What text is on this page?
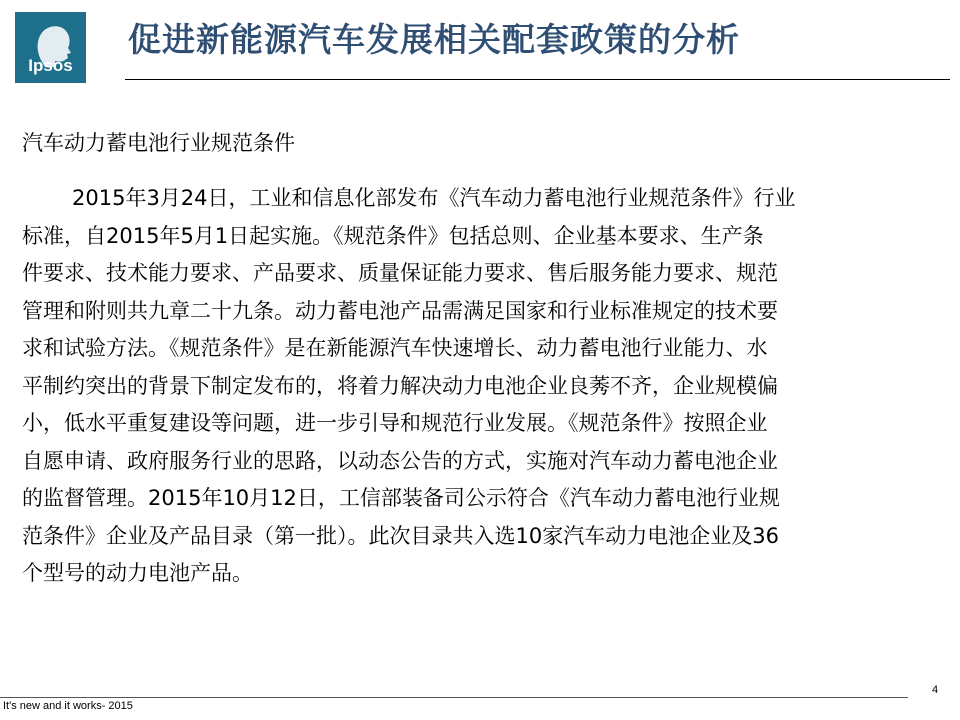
Ipsos
促进新能源汽车发展相关配套政策的分析
汽车动力蓄电池行业规范条件
2015年3月24日，工业和信息化部发布《汽车动力蓄电池行业规范条件》行业
标准，自2015年5月1日起实施。《规范条件》包括总则、企业基本要求、生产条
件要求、技术能力要求、产品要求、质量保证能力要求、售后服务能力要求、规范
管理和附则共九章二十九条。动力蓄电池产品需满足国家和行业标准规定的技术要
求和试验方法。《规范条件》是在新能源汽车快速增长、动力蓄电池行业能力、水
平制约突出的背景下制定发布的，将着力解决动力电池企业良莠不齐，企业规模偏
小，低水平重复建设等问题，进一步引导和规范行业发展。《规范条件》按照企业
自愿申请、政府服务行业的思路，以动态公告的方式，实施对汽车动力蓄电池企业
的监督管理。2015年10月12日，工信部装备司公示符合《汽车动力蓄电池行业规
范条件》企业及产品目录（第一批）。此次目录共入选10家汽车动力电池企业及36
个型号的动力电池产品。
It's new and it works- 2015
4
